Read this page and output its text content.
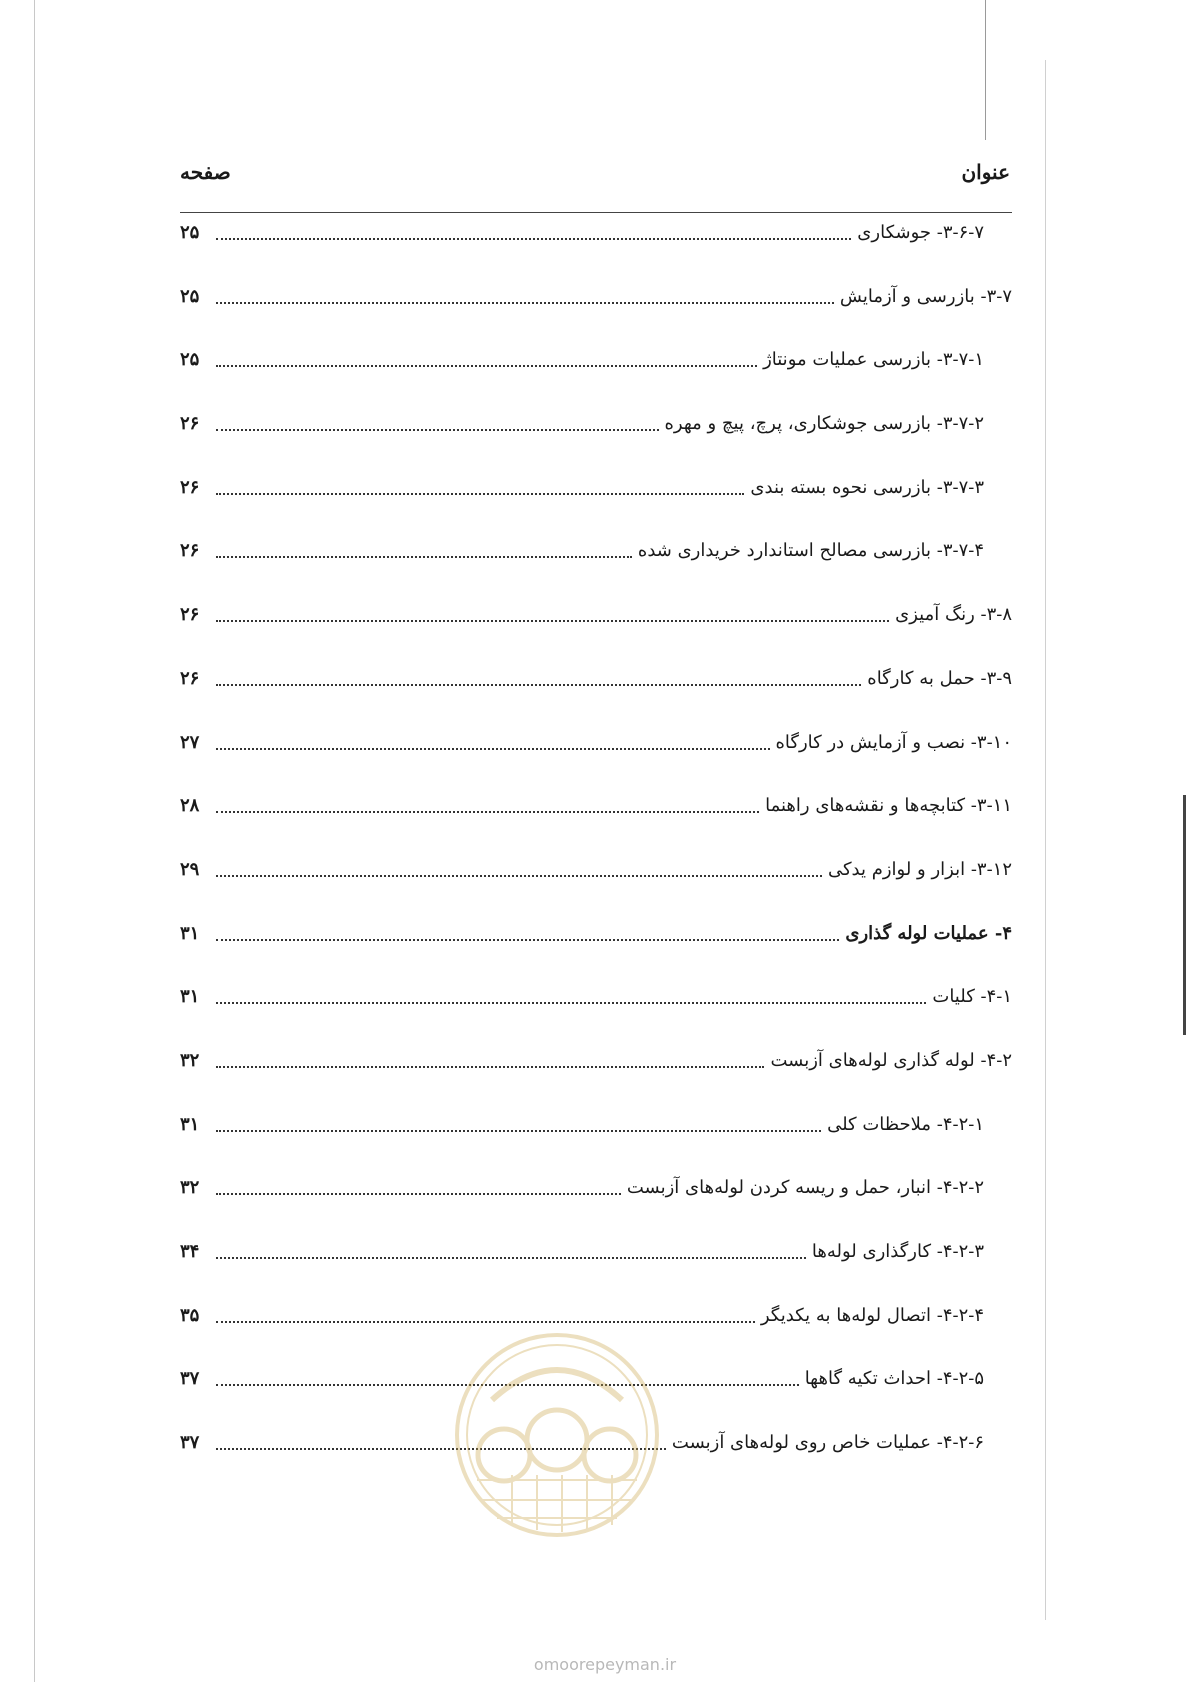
عنوان
صفحه
۳-۶-۷- جوشکاری
۲۵
۳-۷- بازرسی و آزمایش
۲۵
۳-۷-۱- بازرسی عملیات مونتاژ
۲۵
۳-۷-۲- بازرسی جوشکاری، پرچ، پیچ و مهره
۲۶
۳-۷-۳- بازرسی نحوه بسته بندی
۲۶
۳-۷-۴- بازرسی مصالح استاندارد خریداری شده
۲۶
۳-۸- رنگ آمیزی
۲۶
۳-۹- حمل به کارگاه
۲۶
۳-۱۰- نصب و آزمایش در کارگاه
۲۷
۳-۱۱- کتابچه‌ها و نقشه‌های راهنما
۲۸
۳-۱۲- ابزار و لوازم یدکی
۲۹
۴- عملیات لوله گذاری
۳۱
۴-۱- کلیات
۳۱
۴-۲- لوله گذاری لوله‌های آزبست
۳۲
۴-۲-۱- ملاحظات کلی
۳۱
۴-۲-۲- انبار، حمل و ریسه کردن لوله‌های آزبست
۳۲
۴-۲-۳- کارگذاری لوله‌ها
۳۴
۴-۲-۴- اتصال لوله‌ها به یکدیگر
۳۵
۴-۲-۵- احداث تکیه گاهها
۳۷
۴-۲-۶- عملیات خاص روی لوله‌های آزبست
۳۷
omoorepeyman.ir
